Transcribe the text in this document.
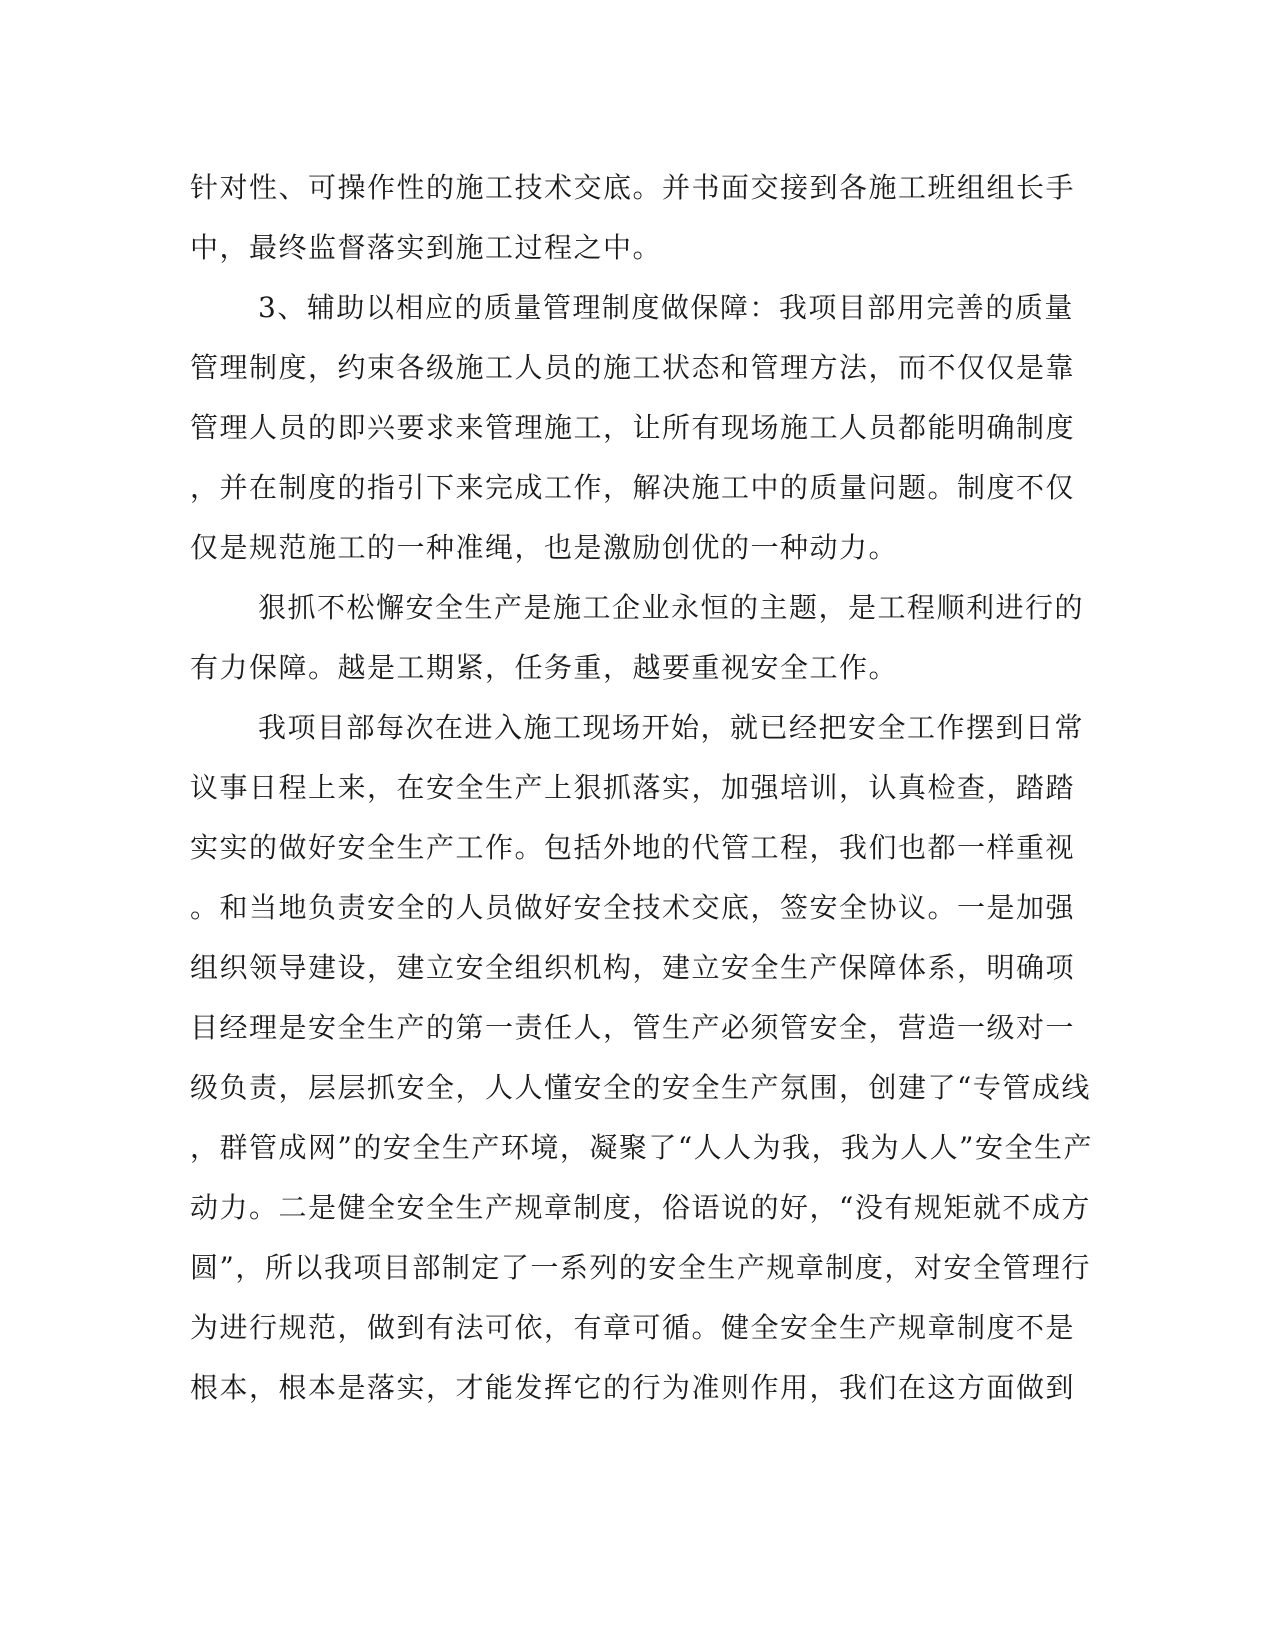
针对性、可操作性的施工技术交底。并书面交接到各施工班组组长手
中，最终监督落实到施工过程之中。
3、辅助以相应的质量管理制度做保障：我项目部用完善的质量
管理制度，约束各级施工人员的施工状态和管理方法，而不仅仅是靠
管理人员的即兴要求来管理施工，让所有现场施工人员都能明确制度
，并在制度的指引下来完成工作，解决施工中的质量问题。制度不仅
仅是规范施工的一种准绳，也是激励创优的一种动力。
狠抓不松懈安全生产是施工企业永恒的主题，是工程顺利进行的
有力保障。越是工期紧，任务重，越要重视安全工作。
我项目部每次在进入施工现场开始，就已经把安全工作摆到日常
议事日程上来，在安全生产上狠抓落实，加强培训，认真检查，踏踏
实实的做好安全生产工作。包括外地的代管工程，我们也都一样重视
。和当地负责安全的人员做好安全技术交底，签安全协议。一是加强
组织领导建设，建立安全组织机构，建立安全生产保障体系，明确项
目经理是安全生产的第一责任人，管生产必须管安全，营造一级对一
级负责，层层抓安全，人人懂安全的安全生产氛围，创建了“专管成线
，群管成网”的安全生产环境，凝聚了“人人为我，我为人人”安全生产
动力。二是健全安全生产规章制度，俗语说的好，“没有规矩就不成方
圆”，所以我项目部制定了一系列的安全生产规章制度，对安全管理行
为进行规范，做到有法可依，有章可循。健全安全生产规章制度不是
根本，根本是落实，才能发挥它的行为准则作用，我们在这方面做到
